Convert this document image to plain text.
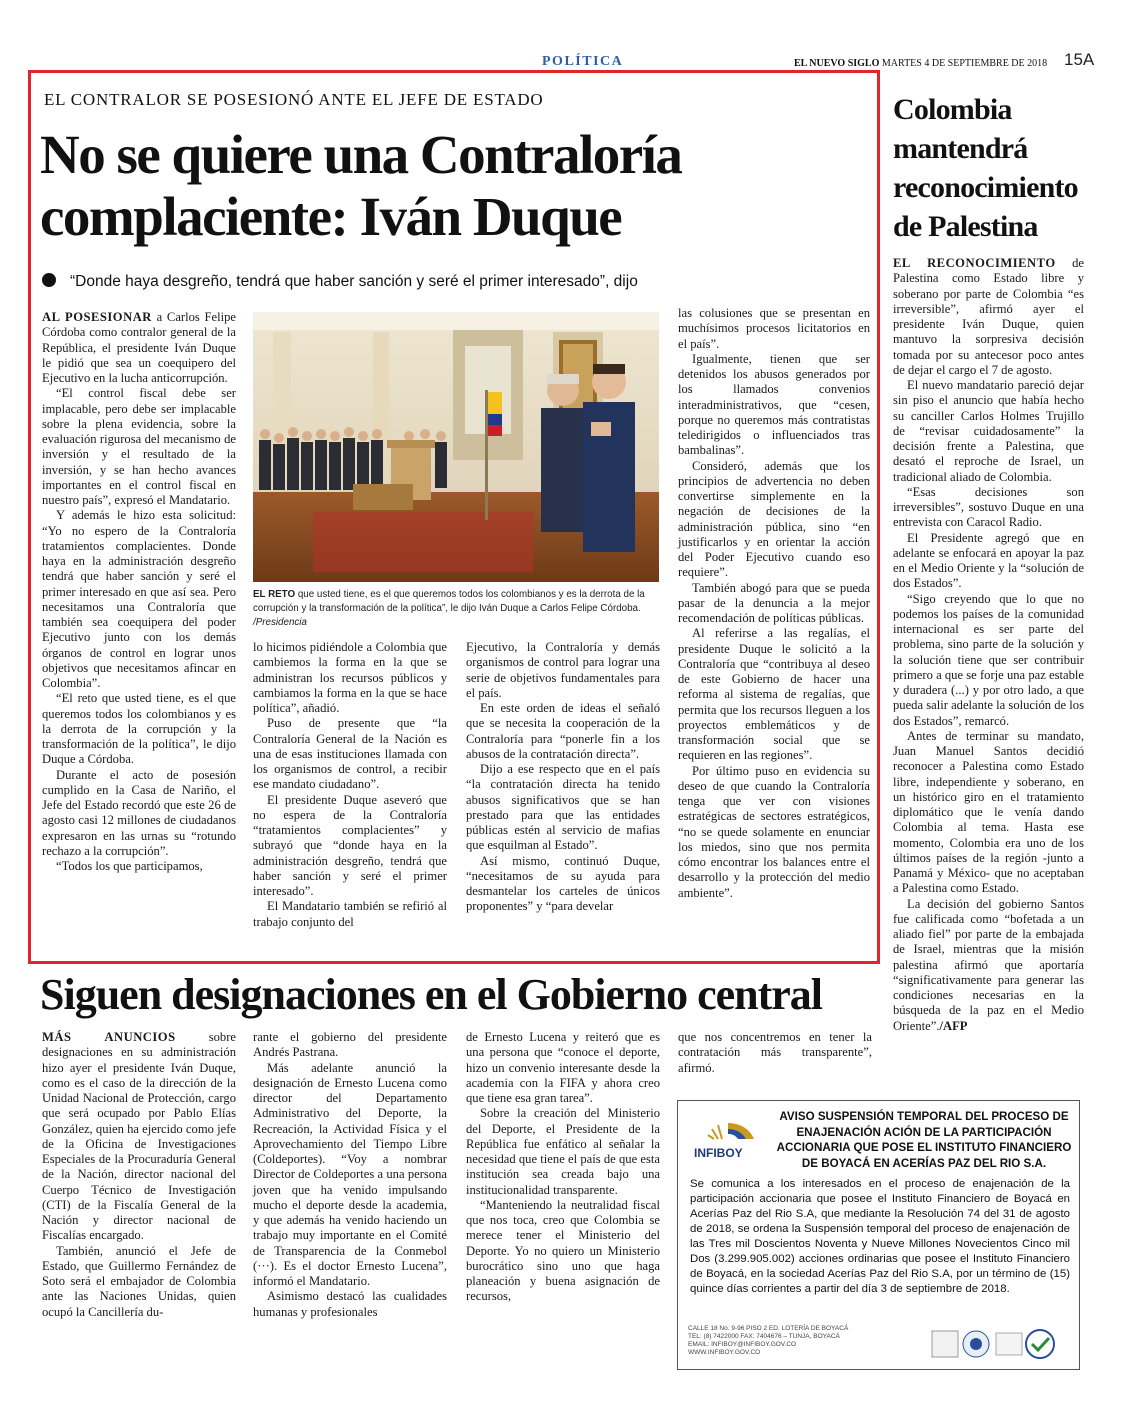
POLÍTICA	EL NUEVO SIGLO MARTES 4 DE SEPTIEMBRE DE 2018 15A
EL CONTRALOR SE POSESIONÓ ANTE EL JEFE DE ESTADO
No se quiere una Contraloría
complaciente: Iván Duque
“Donde haya desgreño, tendrá que haber sanción y seré el primer interesado”, dijo

AL POSESIONAR a Carlos Felipe Córdoba como contralor general de la República, el presidente Iván Duque le pidió que sea un coequipero del Ejecutivo en la lucha anticorrupción.

“El control fiscal debe ser implacable, pero debe ser implacable sobre la plena evidencia, sobre la evaluación rigurosa del mecanismo de inversión y el resultado de la inversión, y se han hecho avances importantes en el control fiscal en nuestro país”, expresó el Mandatario.

Y además le hizo esta solicitud: “Yo no espero de la Contraloría tratamientos complacientes. Donde haya en la administración desgreño tendrá que haber sanción y seré el primer interesado en que así sea. Pero necesitamos una Contraloría que también sea coequipera del poder Ejecutivo junto con los demás órganos de control en lograr unos objetivos que necesitamos afincar en Colombia”.

“El reto que usted tiene, es el que queremos todos los colombianos y es la derrota de la corrupción y la transformación de la política”, le dijo Duque a Córdoba.

Durante el acto de posesión cumplido en la Casa de Nariño, el Jefe del Estado recordó que este 26 de agosto casi 12 millones de ciudadanos expresaron en las urnas su “rotundo rechazo a la corrupción”.

“Todos los que participamos,

EL RETO que usted tiene, es el que queremos todos los colombianos y es la derrota de la corrupción y la transformación de la política”, le dijo Iván Duque a Carlos Felipe Córdoba. /Presidencia

lo hicimos pidiéndole a Colombia que cambiemos la forma en la que se administran los recursos públicos y cambiamos la forma en la que se hace política”, añadió.

Puso de presente que “la Contraloría General de la Nación es una de esas instituciones llamada con los organismos de control, a recibir ese mandato ciudadano”.

El presidente Duque aseveró que no espera de la Contraloría “tratamientos complacientes” y subrayó que “donde haya en la administración desgreño, tendrá que haber sanción y seré el primer interesado”.

El Mandatario también se refirió al trabajo conjunto del

Ejecutivo, la Contraloría y demás organismos de control para lograr una serie de objetivos fundamentales para el país.

En este orden de ideas el señaló que se necesita la cooperación de la Contraloría para “ponerle fin a los abusos de la contratación directa”.

Dijo a ese respecto que en el país “la contratación directa ha tenido abusos significativos que se han prestado para que las entidades públicas estén al servicio de mafias que esquilman al Estado”.

Así mismo, continuó Duque, “necesitamos de su ayuda para desmantelar los carteles de únicos proponentes” y “para develar

las colusiones que se presentan en muchísimos procesos licitatorios en el país”.

Igualmente, tienen que ser detenidos los abusos generados por los llamados convenios interadministrativos, que “cesen, porque no queremos más contratistas teledirigidos o influenciados tras bambalinas”.

Consideró, además que los principios de advertencia no deben convertirse simplemente en la negación de decisiones de la administración pública, sino “en justificarlos y en orientar la acción del Poder Ejecutivo cuando eso requiere”.

También abogó para que se pueda pasar de la denuncia a la mejor recomendación de políticas públicas.

Al referirse a las regalías, el presidente Duque le solicitó a la Contraloría que “contribuya al deseo de este Gobierno de hacer una reforma al sistema de regalías, que permita que los recursos lleguen a los proyectos emblemáticos y de transformación social que se requieren en las regiones”.

Por último puso en evidencia su deseo de que cuando la Contraloría tenga que ver con visiones estratégicas de sectores estratégicos, “no se quede solamente en enunciar los miedos, sino que nos permita cómo encontrar los balances entre el desarrollo y la protección del medio ambiente”.

Colombia mantendrá reconocimiento de Palestina

EL RECONOCIMIENTO de Palestina como Estado libre y soberano por parte de Colombia “es irreversible”, afirmó ayer el presidente Iván Duque, quien mantuvo la sorpresiva decisión tomada por su antecesor poco antes de dejar el cargo el 7 de agosto.

El nuevo mandatario pareció dejar sin piso el anuncio que había hecho su canciller Carlos Holmes Trujillo de “revisar cuidadosamente” la decisión frente a Palestina, que desató el reproche de Israel, un tradicional aliado de Colombia.

“Esas decisiones son irreversibles”, sostuvo Duque en una entrevista con Caracol Radio.

El Presidente agregó que en adelante se enfocará en apoyar la paz en el Medio Oriente y la “solución de dos Estados”.

“Sigo creyendo que lo que no podemos los países de la comunidad internacional es ser parte del problema, sino parte de la solución y la solución tiene que ser contribuir primero a que se forje una paz estable y duradera (...) y por otro lado, a que pueda salir adelante la solución de los dos Estados”, remarcó.

Antes de terminar su mandato, Juan Manuel Santos decidió reconocer a Palestina como Estado libre, independiente y soberano, en un histórico giro en el tratamiento diplomático que le venía dando Colombia al tema. Hasta ese momento, Colombia era uno de los últimos países de la región -junto a Panamá y México- que no aceptaban a Palestina como Estado.

La decisión del gobierno Santos fue calificada como “bofetada a un aliado fiel” por parte de la embajada de Israel, mientras que la misión palestina afirmó que aportaría “significativamente para generar las condiciones necesarias en la búsqueda de la paz en el Medio Oriente”./AFP

Siguen designaciones en el Gobierno central

MÁS ANUNCIOS sobre designaciones en su administración hizo ayer el presidente Iván Duque, como es el caso de la dirección de la Unidad Nacional de Protección, cargo que será ocupado por Pablo Elías González, quien ha ejercido como jefe de la Oficina de Investigaciones Especiales de la Procuraduría General de la Nación, director nacional del Cuerpo Técnico de Investigación (CTI) de la Fiscalía General de la Nación y director nacional de Fiscalías encargado.

También, anunció el Jefe de Estado, que Guillermo Fernández de Soto será el embajador de Colombia ante las Naciones Unidas, quien ocupó la Cancillería du-

rante el gobierno del presidente Andrés Pastrana.

Más adelante anunció la designación de Ernesto Lucena como director del Departamento Administrativo del Deporte, la Recreación, la Actividad Física y el Aprovechamiento del Tiempo Libre (Coldeportes). “Voy a nombrar Director de Coldeportes a una persona joven que ha venido impulsando mucho el deporte desde la academia, y que además ha venido haciendo un trabajo muy importante en el Comité de Transparencia de la Conmebol (···). Es el doctor Ernesto Lucena”, informó el Mandatario.

Asimismo destacó las cualidades humanas y profesionales

de Ernesto Lucena y reiteró que es una persona que “conoce el deporte, hizo un convenio interesante desde la academia con la FIFA y ahora creo que tiene esa gran tarea”.

Sobre la creación del Ministerio del Deporte, el Presidente de la República fue enfático al señalar la necesidad que tiene el país de que esta institución sea creada bajo una institucionalidad transparente.

“Manteniendo la neutralidad fiscal que nos toca, creo que Colombia se merece tener el Ministerio del Deporte. Yo no quiero un Ministerio burocrático sino uno que haga planeación y buena asignación de recursos,

que nos concentremos en tener la contratación más transparente”, afirmó.

INFIBOY
AVISO SUSPENSIÓN TEMPORAL DEL PROCESO DE ENAJENACIÓN ACIÓN DE LA PARTICIPACIÓN ACCIONARIA QUE POSE EL INSTITUTO FINANCIERO DE BOYACÁ EN ACERÍAS PAZ DEL RIO S.A.
Se comunica a los interesados en el proceso de enajenación de la participación accionaria que posee el Instituto Financiero de Boyacá en Acerías Paz del Rio S.A, que mediante la Resolución 74 del 31 de agosto de 2018, se ordena la Suspensión temporal del proceso de enajenación de las Tres mil Doscientos Noventa y Nueve Millones Novecientos Cinco mil Dos (3.299.905.002) acciones ordinarias que posee el Instituto Financiero de Boyacá, en la sociedad Acerías Paz del Rio S.A, por un término de (15) quince días corrientes a partir del día 3 de septiembre de 2018.
CALLE 18 No. 9-96 PISO 2 ED. LOTERÍA DE BOYACÁ
TEL: (8) 7422000 FAX: 7404676 – TUNJA, BOYACÁ
EMAIL: INFIBOY@INFIBOY.GOV.CO
WWW.INFIBOY.GOV.CO
